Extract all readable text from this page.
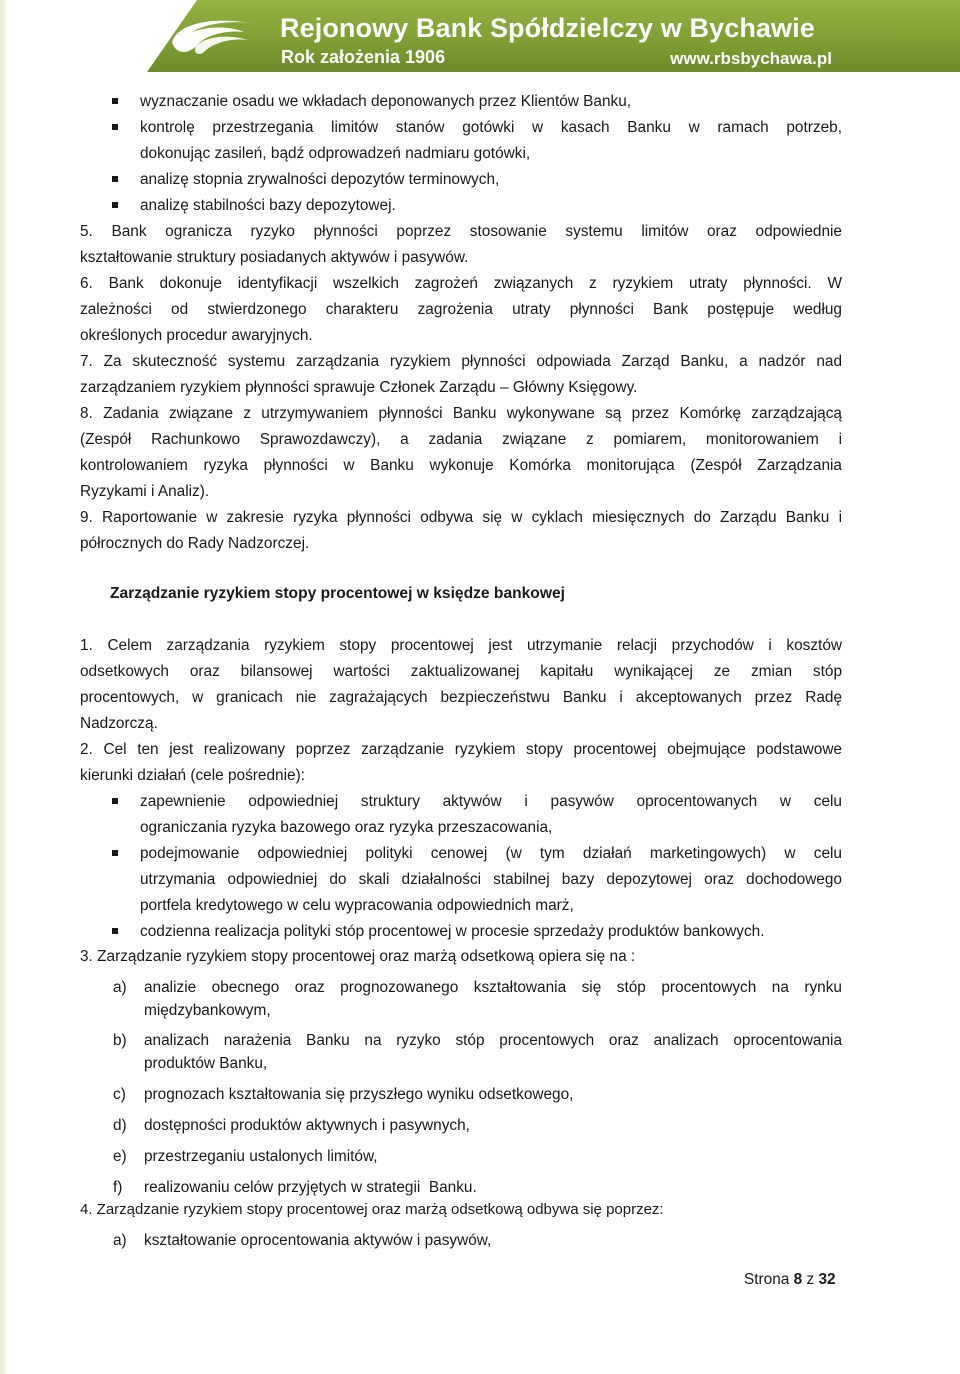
Rejonowy Bank Spółdzielczy w Bychawie
Rok założenia 1906	www.rbsbychawa.pl
wyznaczanie osadu we wkładach deponowanych przez Klientów Banku,
kontrolę przestrzegania limitów stanów gotówki w kasach Banku w ramach potrzeb,
dokonując zasileń, bądź odprowadzeń nadmiaru gotówki,
analizę stopnia zrywalności depozytów terminowych,
analizę stabilności bazy depozytowej.
5. Bank ogranicza ryzyko płynności poprzez stosowanie systemu limitów oraz odpowiednie
kształtowanie struktury posiadanych aktywów i pasywów.
6. Bank dokonuje identyfikacji wszelkich zagrożeń związanych z ryzykiem utraty płynności. W
zależności od stwierdzonego charakteru zagrożenia utraty płynności Bank postępuje według
określonych procedur awaryjnych.
7. Za skuteczność systemu zarządzania ryzykiem płynności odpowiada Zarząd Banku, a nadzór nad
zarządzaniem ryzykiem płynności sprawuje Członek Zarządu – Główny Księgowy.
8. Zadania związane z utrzymywaniem płynności Banku wykonywane są przez Komórkę zarządzającą
(Zespół Rachunkowo Sprawozdawczy), a zadania związane z pomiarem, monitorowaniem i
kontrolowaniem ryzyka płynności w Banku wykonuje Komórka monitorująca (Zespół Zarządzania
Ryzykami i Analiz).
9. Raportowanie w zakresie ryzyka płynności odbywa się w cyklach miesięcznych do Zarządu Banku i
półrocznych do Rady Nadzorczej.
Zarządzanie ryzykiem stopy procentowej w księdze bankowej
1. Celem zarządzania ryzykiem stopy procentowej jest utrzymanie relacji przychodów i kosztów
odsetkowych oraz bilansowej wartości zaktualizowanej kapitału wynikającej ze zmian stóp
procentowych, w granicach nie zagrażających bezpieczeństwu Banku i akceptowanych przez Radę
Nadzorczą.
2. Cel ten jest realizowany poprzez zarządzanie ryzykiem stopy procentowej obejmujące podstawowe
kierunki działań (cele pośrednie):
zapewnienie odpowiedniej struktury aktywów i pasywów oprocentowanych w celu
ograniczania ryzyka bazowego oraz ryzyka przeszacowania,
podejmowanie odpowiedniej polityki cenowej (w tym działań marketingowych) w celu
utrzymania odpowiedniej do skali działalności stabilnej bazy depozytowej oraz dochodowego
portfela kredytowego w celu wypracowania odpowiednich marż,
codzienna realizacja polityki stóp procentowej w procesie sprzedaży produktów bankowych.
3. Zarządzanie ryzykiem stopy procentowej oraz marżą odsetkową opiera się na :
a) analizie obecnego oraz prognozowanego kształtowania się stóp procentowych na rynku
międzybankowym,
b) analizach narażenia Banku na ryzyko stóp procentowych oraz analizach oprocentowania
produktów Banku,
c) prognozach kształtowania się przyszłego wyniku odsetkowego,
d) dostępności produktów aktywnych i pasywnych,
e) przestrzeganiu ustalonych limitów,
f) realizowaniu celów przyjętych w strategii  Banku.
4. Zarządzanie ryzykiem stopy procentowej oraz marżą odsetkową odbywa się poprzez:
a) kształtowanie oprocentowania aktywów i pasywów,
Strona 8 z 32
